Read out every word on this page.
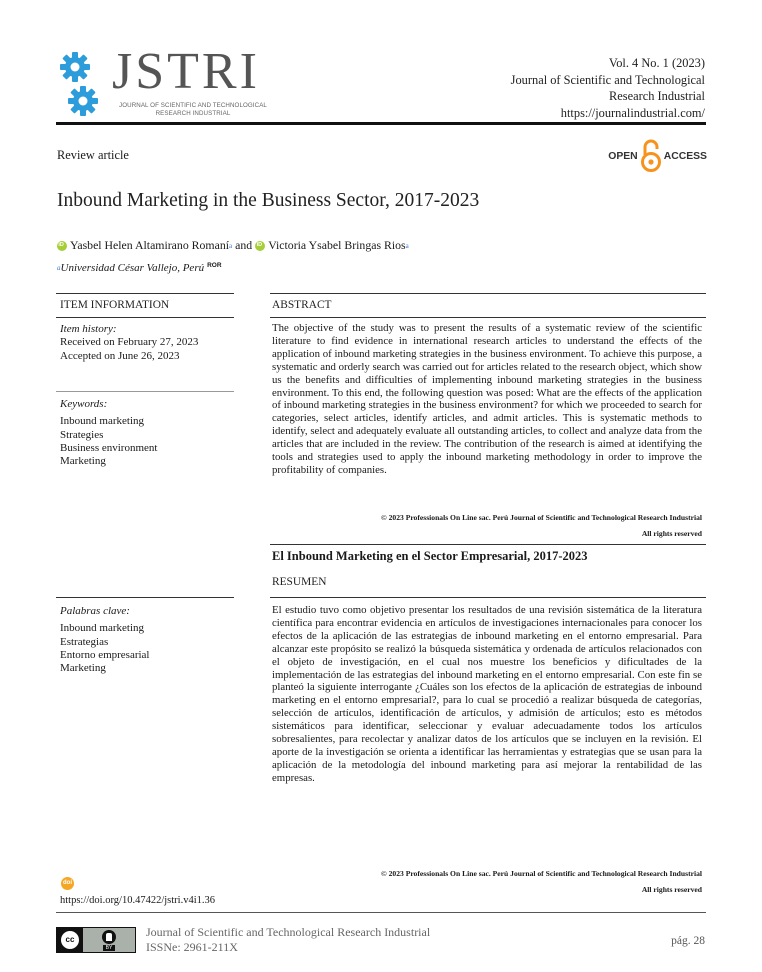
JSTRI
JOURNAL OF SCIENTIFIC AND TECHNOLOGICAL RESEARCH INDUSTRIAL
Vol. 4 No. 1 (2023)
Journal of Scientific and Technological
Research Industrial
https://journalindustrial.com/
Review article	OPEN	ACCESS
Inbound Marketing in the Business Sector, 2017-2023
iD
Yasbel Helen Altamirano Romaní a and
iD Victoria Ysabel Bringas Rios a
a Universidad César Vallejo, Perú ROR
ITEM INFORMATION	ABSTRACT
Item history:
Received on February 27, 2023
Accepted on June 26, 2023
Keywords:
Inbound marketing
Strategies
Business environment
Marketing
The objective of the study was to present the results of a systematic review of the scientific literature to find evidence in international research articles to understand the effects of the application of inbound marketing strategies in the business environment. To achieve this purpose, a systematic and orderly search was carried out for articles related to the research object, which show us the benefits and difficulties of implementing inbound marketing strategies in the business environment. To this end, the following question was posed: What are the effects of the application of inbound marketing strategies in the business environment? for which we proceeded to search for categories, select articles, identify articles, and admit articles. This is systematic methods to identify, select and adequately evaluate all outstanding articles, to collect and analyze data from the articles that are included in the review. The contribution of the research is aimed at identifying the tools and strategies used to apply the inbound marketing methodology in order to improve the profitability of companies.
© 2023 Professionals On Line sac. Perú Journal of Scientific and Technological Research Industrial
All rights reserved
El Inbound Marketing en el Sector Empresarial, 2017-2023
RESUMEN
Palabras clave:
Inbound marketing
Estrategias
Entorno empresarial
Marketing
El estudio tuvo como objetivo presentar los resultados de una revisión sistemática de la literatura científica para encontrar evidencia en artículos de investigaciones internacionales para conocer los efectos de la aplicación de las estrategias de inbound marketing en el entorno empresarial. Para alcanzar este propósito se realizó la búsqueda sistemática y ordenada de artículos relacionados con el objeto de investigación, en el cual nos muestre los beneficios y dificultades de la implementación de las estrategias del inbound marketing en el entorno empresarial. Con este fin se planteó la siguiente interrogante ¿Cuáles son los efectos de la aplicación de estrategias de inbound marketing en el entorno empresarial?, para lo cual se procedió a realizar búsqueda de categorías, selección de artículos, identificación de artículos, y admisión de artículos; esto es métodos sistemáticos para identificar, seleccionar y evaluar adecuadamente todos los artículos sobresalientes, para recolectar y analizar datos de los artículos que se incluyen en la revisión. El aporte de la investigación se orienta a identificar las herramientas y estrategias que se usan para la aplicación de la metodología del inbound marketing para así mejorar la rentabilidad de las empresas.
© 2023 Professionals On Line sac. Perú Journal of Scientific and Technological Research Industrial
All rights reserved
doi
https://doi.org/10.47422/jstri.v4i1.36
cc
BY
Journal of Scientific and Technological Research Industrial
ISSNe: 2961-211X	pág. 28
